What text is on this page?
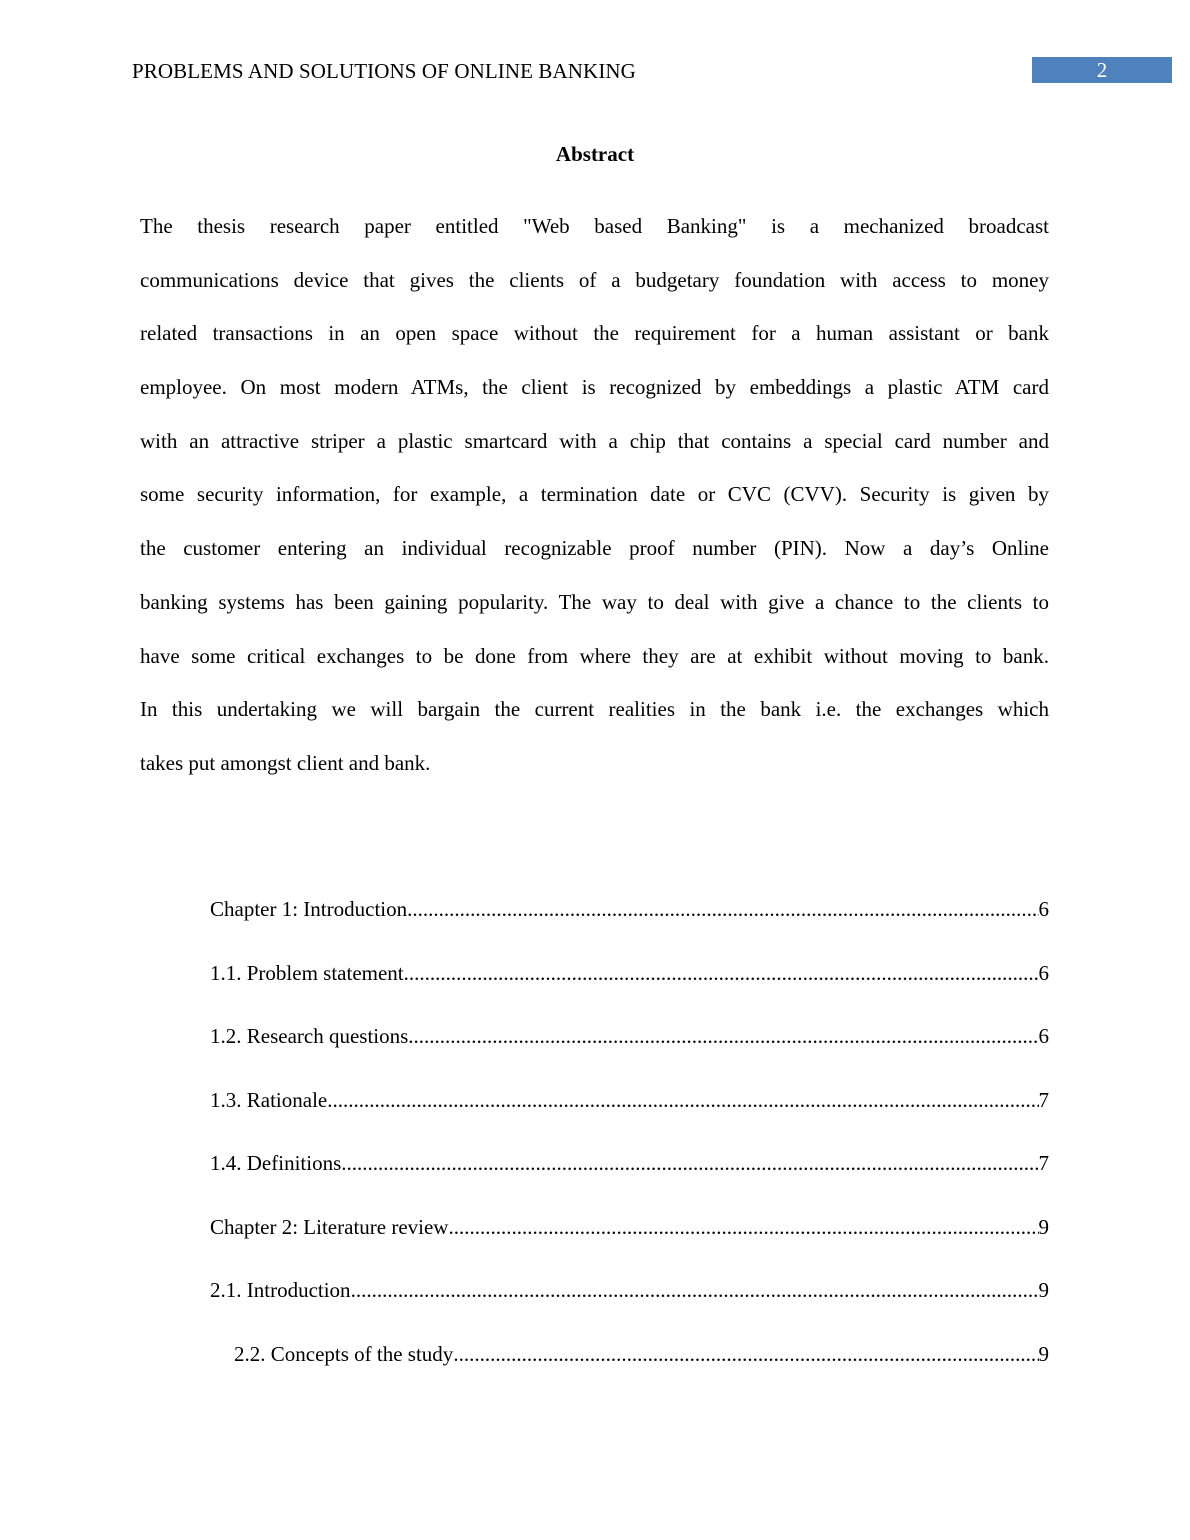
PROBLEMS AND SOLUTIONS OF ONLINE BANKING	2
Abstract
The thesis research paper entitled "Web based Banking" is a mechanized broadcast
communications device that gives the clients of a budgetary foundation with access to money
related transactions in an open space without the requirement for a human assistant or bank
employee. On most modern ATMs, the client is recognized by embeddings a plastic ATM card
with an attractive striper a plastic smartcard with a chip that contains a special card number and
some security information, for example, a termination date or CVC (CVV). Security is given by
the customer entering an individual recognizable proof number (PIN). Now a day’s Online
banking systems has been gaining popularity. The way to deal with give a chance to the clients to
have some critical exchanges to be done from where they are at exhibit without moving to bank.
In this undertaking we will bargain the current realities in the bank i.e. the exchanges which
takes put amongst client and bank.
Chapter 1: Introduction .....	6
1.1. Problem statement .....	6
1.2. Research questions .....	6
1.3. Rationale .....	7
1.4. Definitions .....	7
Chapter 2: Literature review .....	9
2.1. Introduction .....	9
2.2. Concepts of the study .....	9
